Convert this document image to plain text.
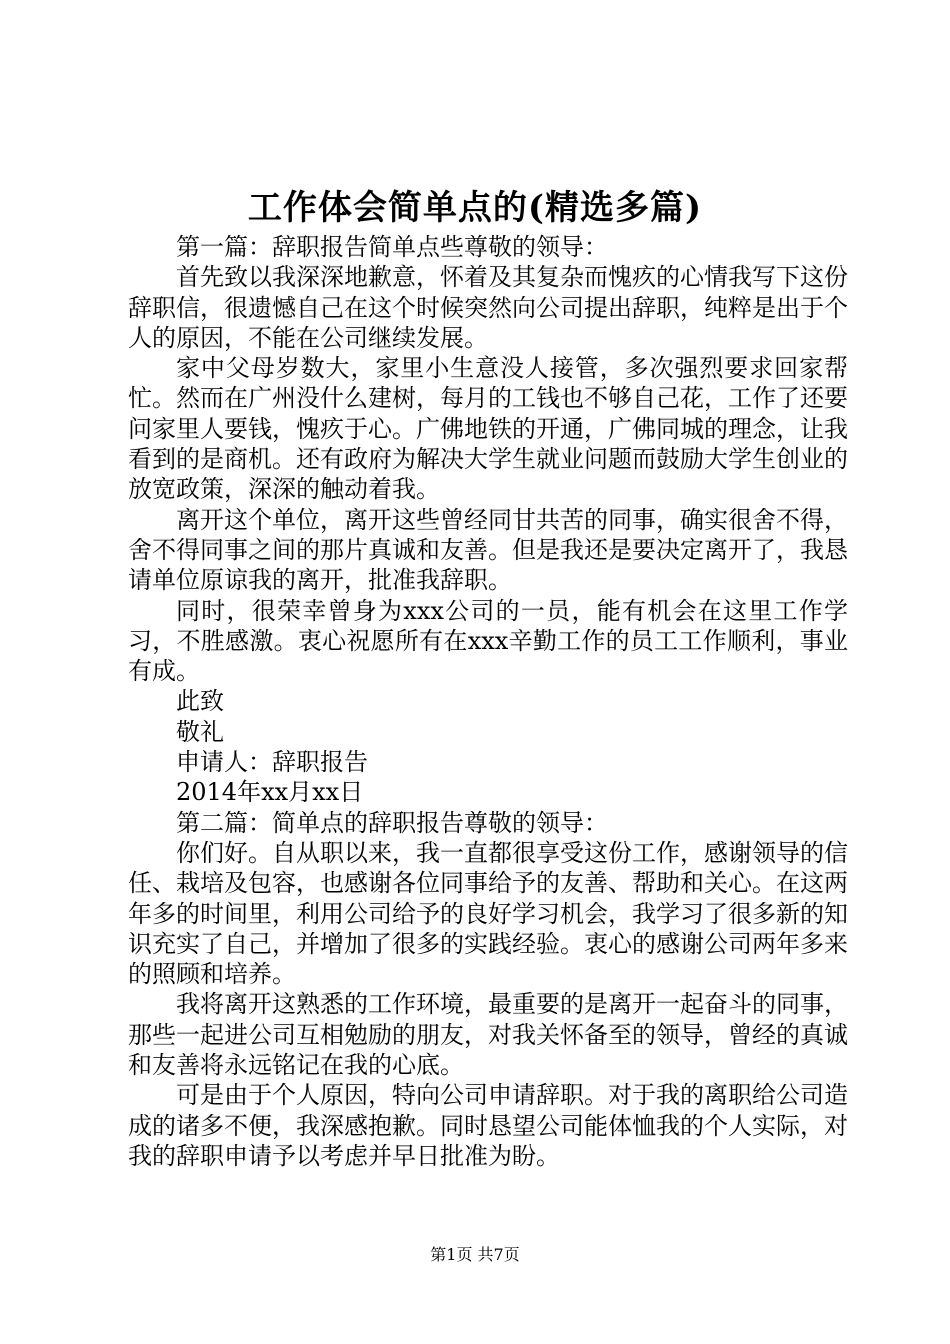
工作体会简单点的(精选多篇)

第一篇：辞职报告简单点些尊敬的领导：

首先致以我深深地歉意，怀着及其复杂而愧疚的心情我写下这份辞职信，很遗憾自己在这个时候突然向公司提出辞职，纯粹是出于个人的原因，不能在公司继续发展。

家中父母岁数大，家里小生意没人接管，多次强烈要求回家帮忙。然而在广州没什么建树，每月的工钱也不够自己花，工作了还要问家里人要钱，愧疚于心。广佛地铁的开通，广佛同城的理念，让我看到的是商机。还有政府为解决大学生就业问题而鼓励大学生创业的放宽政策，深深的触动着我。

离开这个单位，离开这些曾经同甘共苦的同事，确实很舍不得，舍不得同事之间的那片真诚和友善。但是我还是要决定离开了，我恳请单位原谅我的离开，批准我辞职。

同时，很荣幸曾身为xxx公司的一员，能有机会在这里工作学习，不胜感激。衷心祝愿所有在xxx辛勤工作的员工工作顺利，事业有成。

此致

敬礼

申请人：辞职报告

2014年xx月xx日

第二篇：简单点的辞职报告尊敬的领导：

你们好。自从职以来，我一直都很享受这份工作，感谢领导的信任、栽培及包容，也感谢各位同事给予的友善、帮助和关心。在这两年多的时间里，利用公司给予的良好学习机会，我学习了很多新的知识充实了自己，并增加了很多的实践经验。衷心的感谢公司两年多来的照顾和培养。

我将离开这熟悉的工作环境，最重要的是离开一起奋斗的同事，那些一起进公司互相勉励的朋友，对我关怀备至的领导，曾经的真诚和友善将永远铭记在我的心底。

可是由于个人原因，特向公司申请辞职。对于我的离职给公司造成的诸多不便，我深感抱歉。同时恳望公司能体恤我的个人实际，对我的辞职申请予以考虑并早日批准为盼。

第1页 共7页
